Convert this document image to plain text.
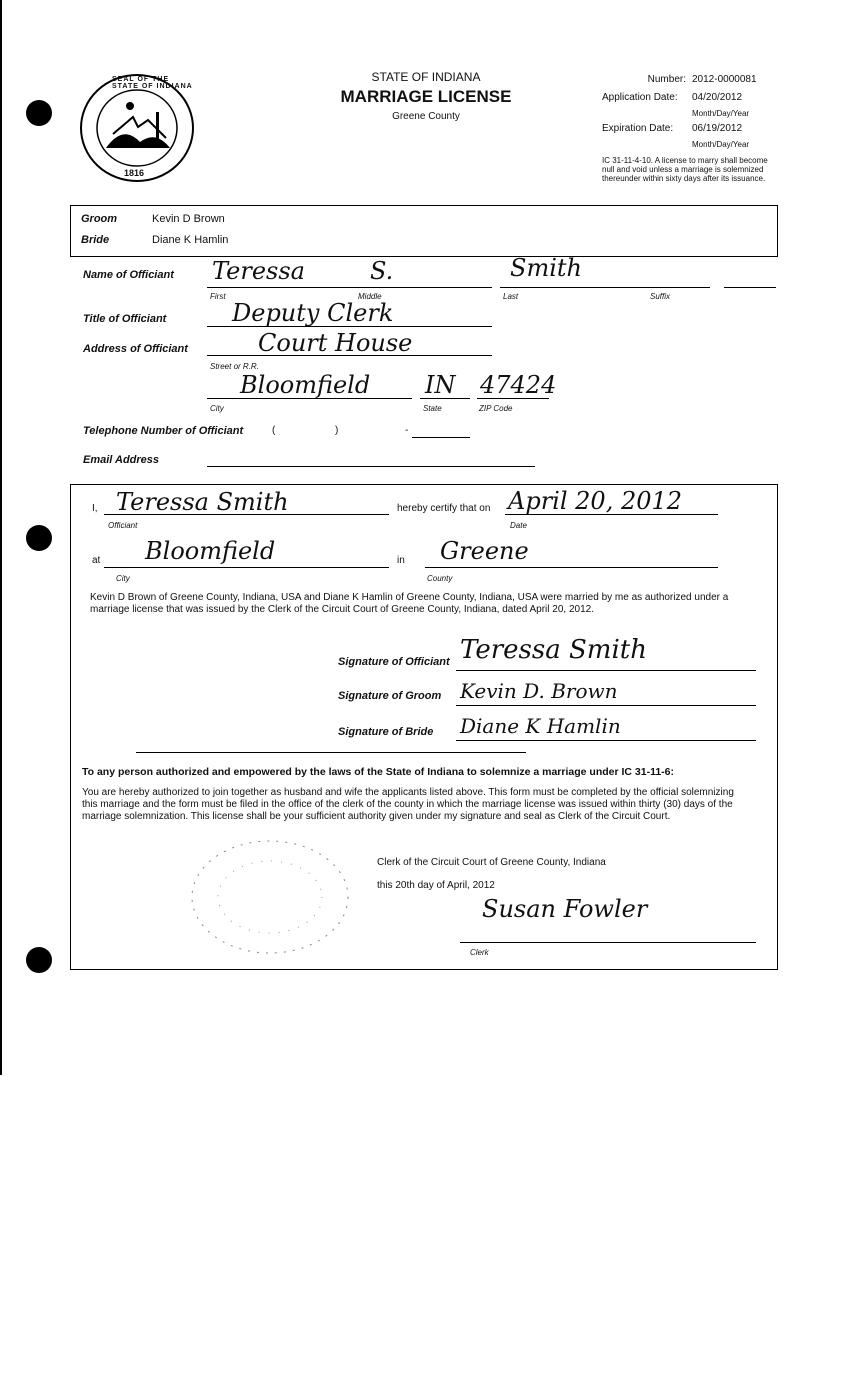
SEAL OF THE STATE OF INDIANA
1816
STATE OF INDIANA
MARRIAGE LICENSE
Greene County
Number: 2012-0000081
Application Date: 04/20/2012
Month/Day/Year
Expiration Date: 06/19/2012
Month/Day/Year
IC 31-11-4-10. A license to marry shall become null and void unless a marriage is solemnized thereunder within sixty days after its issuance.
Groom	Kevin D Brown
Bride	Diane K Hamlin
Name of Officiant Teressa	S.	Smith
First	Middle	Last	Suffix
Title of Officiant	Deputy Clerk
Address of Officiant	Court House
Street or R.R.
Bloomfield IN 47424
City	State	ZIP Code
Telephone Number of Officiant	(	)	-
Email Address
I, Teressa Smith
Officiant
hereby certify that on April 20, 2012
Date
at Bloomfield
City
in Greene
County
Kevin D Brown of Greene County, Indiana, USA and Diane K Hamlin of Greene County, Indiana, USA were married by me as authorized under a marriage license that was issued by the Clerk of the Circuit Court of Greene County, Indiana, dated April 20, 2012.
Signature of Officiant Teressa Smith
Signature of Groom Kevin D. Brown
Signature of Bride Diane K Hamlin
To any person authorized and empowered by the laws of the State of Indiana to solemnize a marriage under IC 31-11-6:
You are hereby authorized to join together as husband and wife the applicants listed above. This form must be completed by the official solemnizing this marriage and the form must be filed in the office of the clerk of the county in which the marriage license was issued within thirty (30) days of the marriage solemnization. This license shall be your sufficient authority given under my signature and seal as Clerk of the Circuit Court.
Clerk of the Circuit Court of Greene County, Indiana
this 20th day of April, 2012
Susan Fowler
Clerk
